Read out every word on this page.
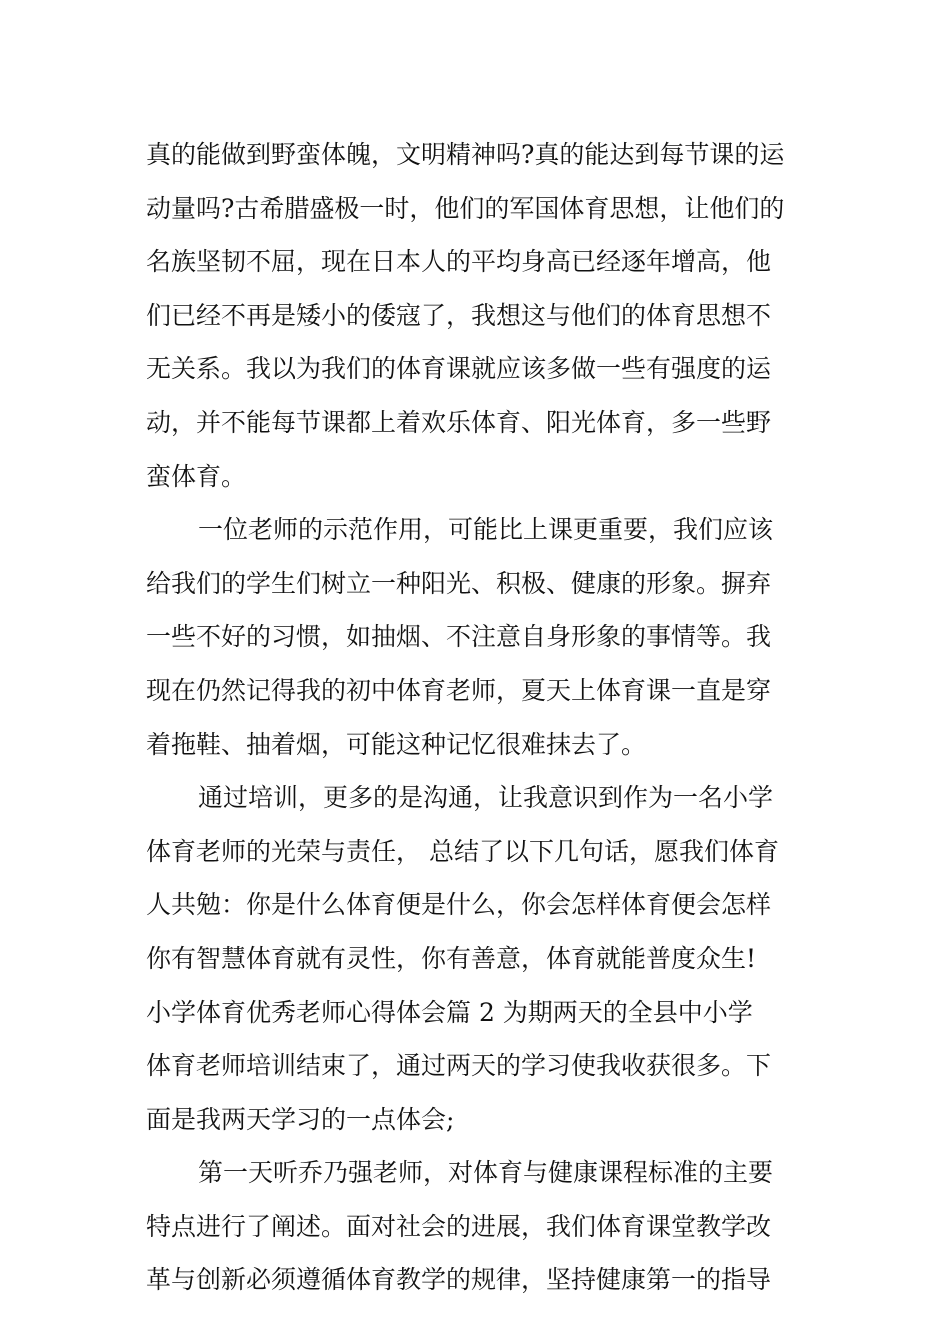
真的能做到野蛮体魄，文明精神吗?真的能达到每节课的运
动量吗?古希腊盛极一时，他们的军国体育思想，让他们的
名族坚韧不屈，现在日本人的平均身高已经逐年增高，他
们已经不再是矮小的倭寇了，我想这与他们的体育思想不
无关系。我以为我们的体育课就应该多做一些有强度的运
动，并不能每节课都上着欢乐体育、阳光体育，多一些野
蛮体育。
一位老师的示范作用，可能比上课更重要，我们应该
给我们的学生们树立一种阳光、积极、健康的形象。摒弃
一些不好的习惯，如抽烟、不注意自身形象的事情等。我
现在仍然记得我的初中体育老师，夏天上体育课一直是穿
着拖鞋、抽着烟，可能这种记忆很难抹去了。
通过培训，更多的是沟通，让我意识到作为一名小学
体育老师的光荣与责任， 总结了以下几句话，愿我们体育
人共勉：你是什么体育便是什么，你会怎样体育便会怎样
你有智慧体育就有灵性，你有善意，体育就能普度众生!
小学体育优秀老师心得体会篇 2 为期两天的全县中小学
体育老师培训结束了，通过两天的学习使我收获很多。下
面是我两天学习的一点体会;
第一天听乔乃强老师，对体育与健康课程标准的主要
特点进行了阐述。面对社会的进展，我们体育课堂教学改
革与创新必须遵循体育教学的规律，坚持健康第一的指导
